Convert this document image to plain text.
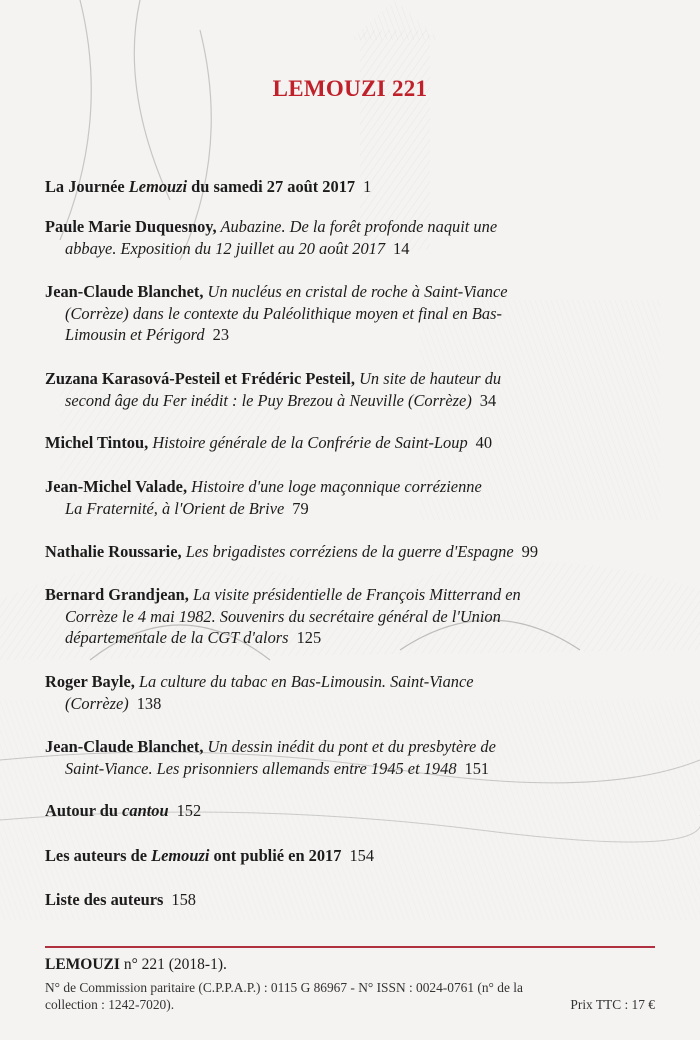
LEMOUZI 221
La Journée Lemouzi du samedi 27 août 2017 1
Paule Marie Duquesnoy, Aubazine. De la forêt profonde naquit une
abbaye. Exposition du 12 juillet au 20 août 2017 14
Jean-Claude Blanchet, Un nucléus en cristal de roche à Saint-Viance
(Corrèze) dans le contexte du Paléolithique moyen et final en Bas-
Limousin et Périgord 23
Zuzana Karasová-Pesteil et Frédéric Pesteil, Un site de hauteur du
second âge du Fer inédit : le Puy Brezou à Neuville (Corrèze) 34
Michel Tintou, Histoire générale de la Confrérie de Saint-Loup 40
Jean-Michel Valade, Histoire d'une loge maçonnique corrézienne
La Fraternité, à l'Orient de Brive 79
Nathalie Roussarie, Les brigadistes corréziens de la guerre d'Espagne 99
Bernard Grandjean, La visite présidentielle de François Mitterrand en
Corrèze le 4 mai 1982. Souvenirs du secrétaire général de l'Union
départementale de la CGT d'alors 125
Roger Bayle, La culture du tabac en Bas-Limousin. Saint-Viance
(Corrèze) 138
Jean-Claude Blanchet, Un dessin inédit du pont et du presbytère de
Saint-Viance. Les prisonniers allemands entre 1945 et 1948 151
Autour du cantou 152
Les auteurs de Lemouzi ont publié en 2017 154
Liste des auteurs 158
LEMOUZI n° 221 (2018-1).
N° de Commission paritaire (C.P.P.A.P.) : 0115 G 86967 - N° ISSN : 0024-0761 (n° de la
collection : 1242-7020).	Prix TTC : 17 €
